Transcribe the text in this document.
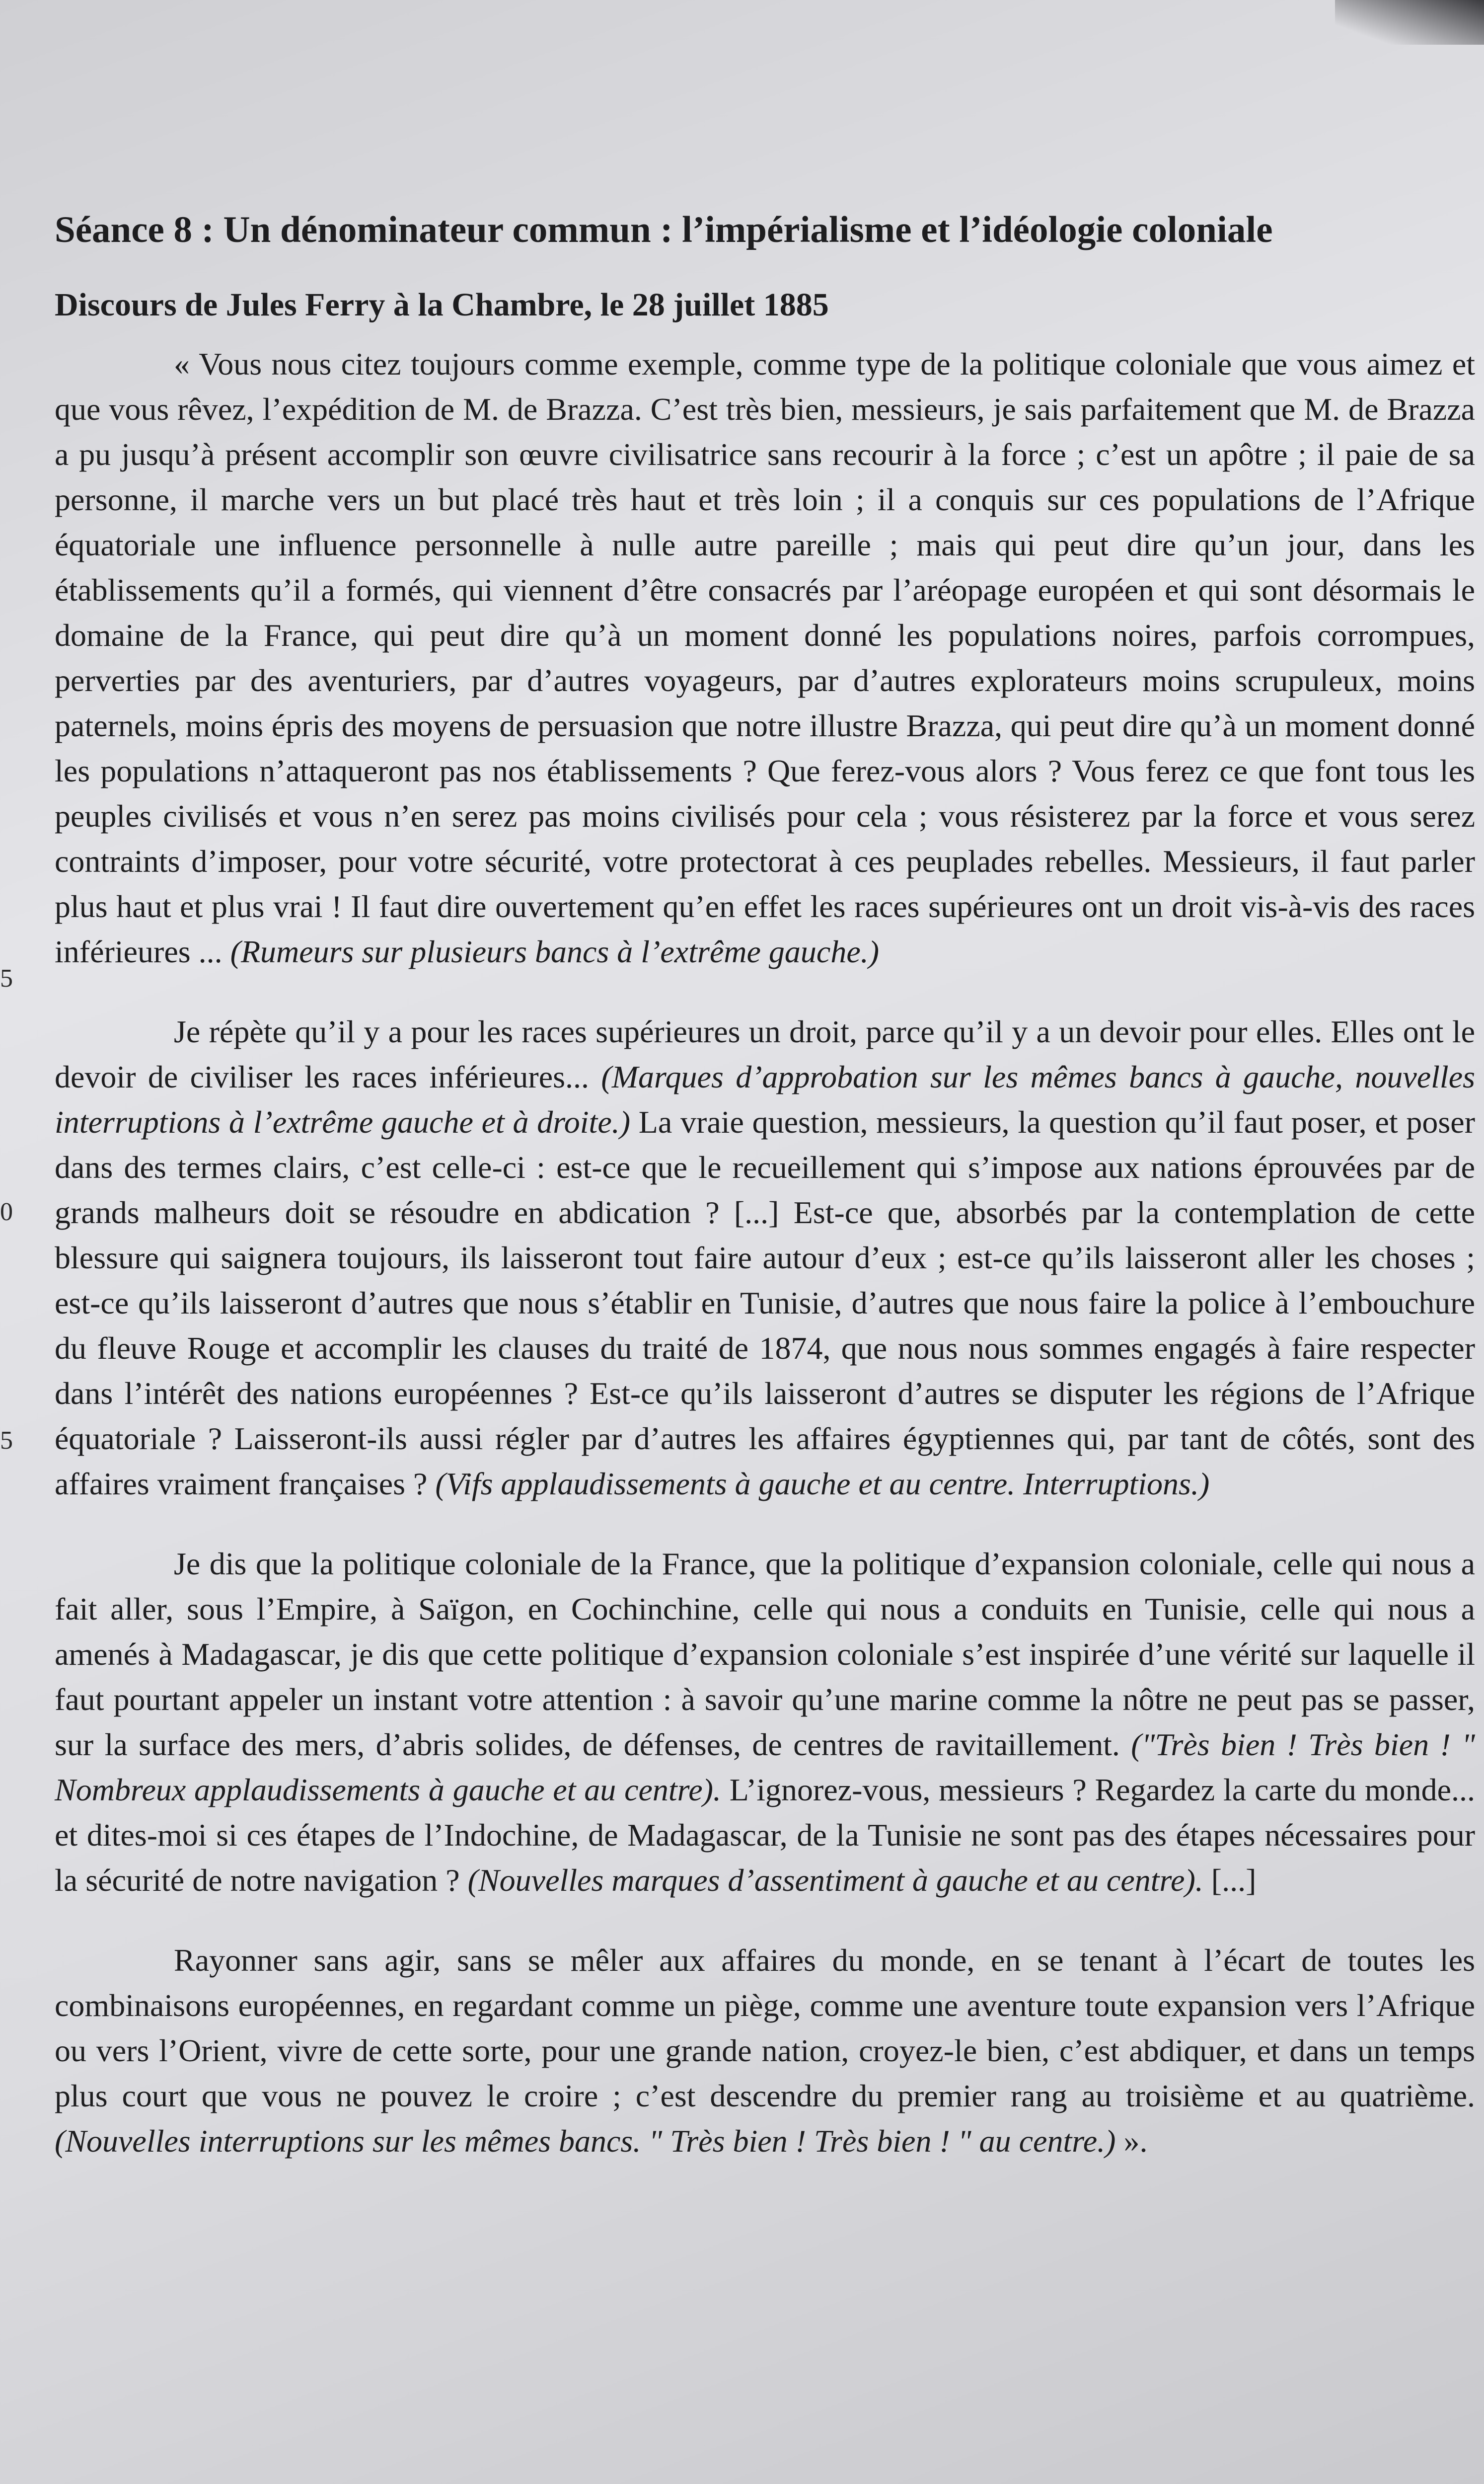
5
0
5
Séance 8 : Un dénominateur commun : l’impérialisme et l’idéologie coloniale
Discours de Jules Ferry à la Chambre, le 28 juillet 1885

« Vous nous citez toujours comme exemple, comme type de la politique coloniale que vous aimez et que vous rêvez, l’expédition de M. de Brazza. C’est très bien, messieurs, je sais parfaitement que M. de Brazza a pu jusqu’à présent accomplir son œuvre civilisatrice sans recourir à la force ; c’est un apôtre ; il paie de sa personne, il marche vers un but placé très haut et très loin ; il a conquis sur ces populations de l’Afrique équatoriale une influence personnelle à nulle autre pareille ; mais qui peut dire qu’un jour, dans les établissements qu’il a formés, qui viennent d’être consacrés par l’aréopage européen et qui sont désormais le domaine de la France, qui peut dire qu’à un moment donné les populations noires, parfois corrompues, perverties par des aventuriers, par d’autres voyageurs, par d’autres explorateurs moins scrupuleux, moins paternels, moins épris des moyens de persuasion que notre illustre Brazza, qui peut dire qu’à un moment donné les populations n’attaqueront pas nos établissements ? Que ferez-vous alors ? Vous ferez ce que font tous les peuples civilisés et vous n’en serez pas moins civilisés pour cela ; vous résisterez par la force et vous serez contraints d’imposer, pour votre sécurité, votre protectorat à ces peuplades rebelles. Messieurs, il faut parler plus haut et plus vrai ! Il faut dire ouvertement qu’en effet les races supérieures ont un droit vis-à-vis des races inférieures ... (Rumeurs sur plusieurs bancs à l’extrême gauche.)

Je répète qu’il y a pour les races supérieures un droit, parce qu’il y a un devoir pour elles. Elles ont le devoir de civiliser les races inférieures... (Marques d’approbation sur les mêmes bancs à gauche, nouvelles interruptions à l’extrême gauche et à droite.) La vraie question, messieurs, la question qu’il faut poser, et poser dans des termes clairs, c’est celle-ci : est-ce que le recueillement qui s’impose aux nations éprouvées par de grands malheurs doit se résoudre en abdication ? [...] Est-ce que, absorbés par la contemplation de cette blessure qui saignera toujours, ils laisseront tout faire autour d’eux ; est-ce qu’ils laisseront aller les choses ; est-ce qu’ils laisseront d’autres que nous s’établir en Tunisie, d’autres que nous faire la police à l’embouchure du fleuve Rouge et accomplir les clauses du traité de 1874, que nous nous sommes engagés à faire respecter dans l’intérêt des nations européennes ? Est-ce qu’ils laisseront d’autres se disputer les régions de l’Afrique équatoriale ? Laisseront-ils aussi régler par d’autres les affaires égyptiennes qui, par tant de côtés, sont des affaires vraiment françaises ? (Vifs applaudissements à gauche et au centre. Interruptions.)

Je dis que la politique coloniale de la France, que la politique d’expansion coloniale, celle qui nous a fait aller, sous l’Empire, à Saïgon, en Cochinchine, celle qui nous a conduits en Tunisie, celle qui nous a amenés à Madagascar, je dis que cette politique d’expansion coloniale s’est inspirée d’une vérité sur laquelle il faut pourtant appeler un instant votre attention : à savoir qu’une marine comme la nôtre ne peut pas se passer, sur la surface des mers, d’abris solides, de défenses, de centres de ravitaillement. ("Très bien ! Très bien ! " Nombreux applaudissements à gauche et au centre). L’ignorez-vous, messieurs ? Regardez la carte du monde... et dites-moi si ces étapes de l’Indochine, de Madagascar, de la Tunisie ne sont pas des étapes nécessaires pour la sécurité de notre navigation ? (Nouvelles marques d’assentiment à gauche et au centre). [...]

Rayonner sans agir, sans se mêler aux affaires du monde, en se tenant à l’écart de toutes les combinaisons européennes, en regardant comme un piège, comme une aventure toute expansion vers l’Afrique ou vers l’Orient, vivre de cette sorte, pour une grande nation, croyez-le bien, c’est abdiquer, et dans un temps plus court que vous ne pouvez le croire ; c’est descendre du premier rang au troisième et au quatrième. (Nouvelles interruptions sur les mêmes bancs. " Très bien ! Très bien ! " au centre.) ».
